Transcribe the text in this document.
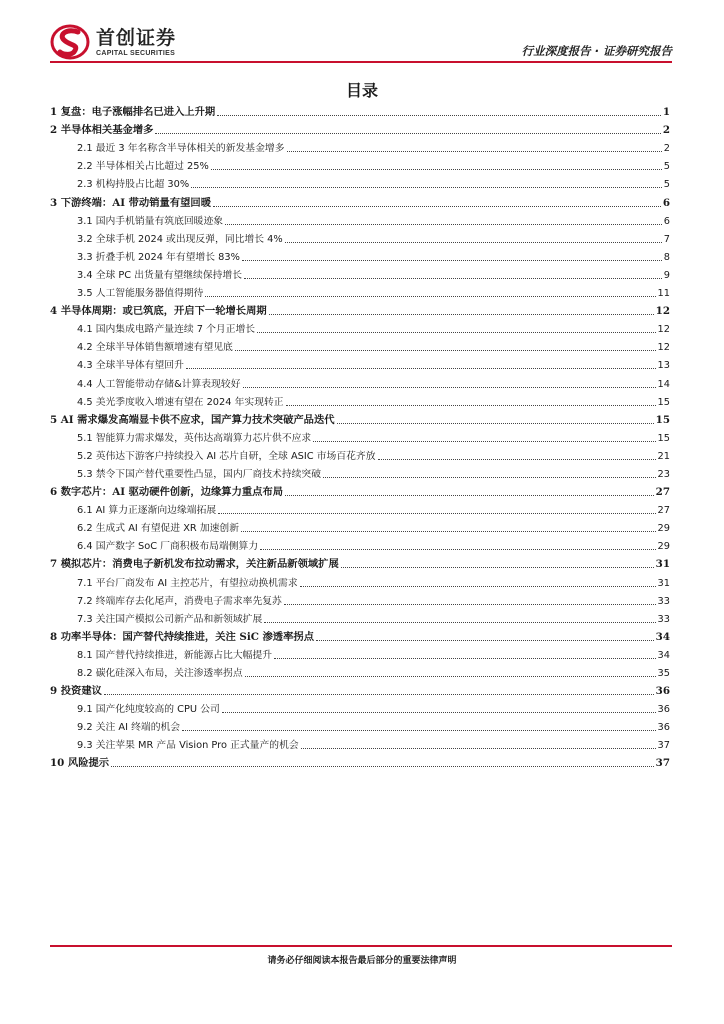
首创证券
CAPITAL SECURITIES	行业深度报告 · 证券研究报告
目录
1 复盘：电子涨幅排名已进入上升期	1
2 半导体相关基金增多	2
2.1 最近 3 年名称含半导体相关的新发基金增多	2
2.2 半导体相关占比超过 25%	5
2.3 机构持股占比超 30%	5
3 下游终端：AI 带动销量有望回暖	6
3.1 国内手机销量有筑底回暖迹象	6
3.2 全球手机 2024 或出现反弹，同比增长 4%	7
3.3 折叠手机 2024 年有望增长 83%	8
3.4 全球 PC 出货量有望继续保持增长	9
3.5 人工智能服务器值得期待	11
4 半导体周期：或已筑底，开启下一轮增长周期	12
4.1 国内集成电路产量连续 7 个月正增长	12
4.2 全球半导体销售额增速有望见底	12
4.3 全球半导体有望回升	13
4.4 人工智能带动存储&计算表现较好	14
4.5 美光季度收入增速有望在 2024 年实现转正	15
5 AI 需求爆发高端显卡供不应求，国产算力技术突破产品迭代	15
5.1 智能算力需求爆发，英伟达高端算力芯片供不应求	15
5.2 英伟达下游客户持续投入 AI 芯片自研，全球 ASIC 市场百花齐放	21
5.3 禁令下国产替代重要性凸显，国内厂商技术持续突破	23
6 数字芯片：AI 驱动硬件创新，边缘算力重点布局	27
6.1 AI 算力正逐渐向边缘端拓展	27
6.2 生成式 AI 有望促进 XR 加速创新	29
6.4 国产数字 SoC 厂商积极布局端侧算力	29
7 模拟芯片：消费电子新机发布拉动需求，关注新品新领域扩展	31
7.1 平台厂商发布 AI 主控芯片，有望拉动换机需求	31
7.2 终端库存去化尾声，消费电子需求率先复苏	33
7.3 关注国产模拟公司新产品和新领域扩展	33
8 功率半导体：国产替代持续推进，关注 SiC 渗透率拐点	34
8.1 国产替代持续推进，新能源占比大幅提升	34
8.2 碳化硅深入布局，关注渗透率拐点	35
9 投资建议	36
9.1 国产化纯度较高的 CPU 公司	36
9.2 关注 AI 终端的机会	36
9.3 关注苹果 MR 产品 Vision Pro 正式量产的机会	37
10 风险提示	37
请务必仔细阅读本报告最后部分的重要法律声明
